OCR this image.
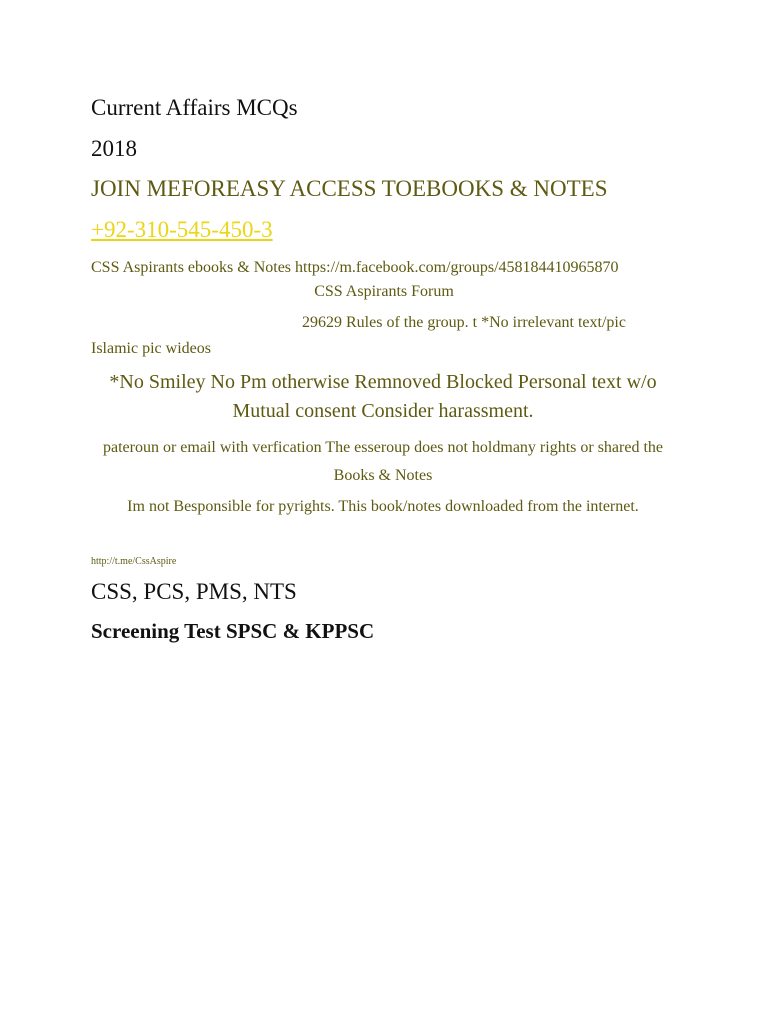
Current Affairs MCQs

2018

JOIN MEFOREASY ACCESS TOEBOOKS & NOTES

+92-310-545-450-3

CSS Aspirants ebooks & Notes https://m.facebook.com/groups/458184410965870

CSS Aspirants Forum

29629 Rules of the group. t *No irrelevant text/pic

Islamic pic wideos

*No Smiley No Pm otherwise Remnoved Blocked Personal text w/o Mutual consent Consider harassment.

pateroun or email with verfication The esseroup does not holdmany rights or shared the Books & Notes

Im not Besponsible for pyrights. This book/notes downloaded from the internet.

http://t.me/CssAspire

CSS, PCS, PMS, NTS

Screening Test SPSC & KPPSC
